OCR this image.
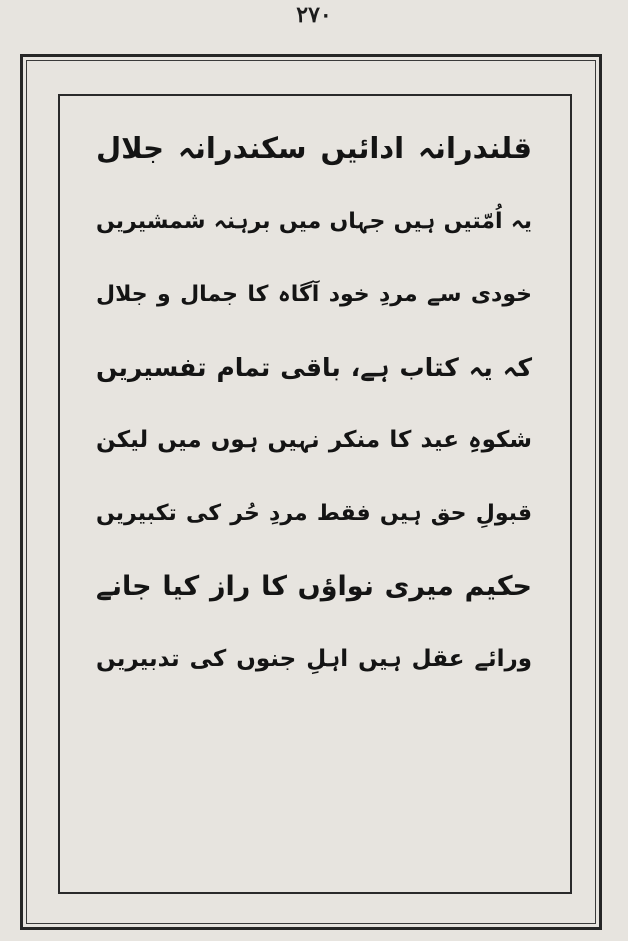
۲۷۰
قلندرانہ ادائیں سکندرانہ جلال
یہ اُمّتیں ہیں جہاں میں برہنہ شمشیریں
خودی سے مردِ خود آگاہ کا جمال و جلال
کہ یہ کتاب ہے، باقی تمام تفسیریں
شکوہِ عید کا منکر نہیں ہوں میں لیکن
قبولِ حق ہیں فقط مردِ حُر کی تکبیریں
حکیم میری نواؤں کا راز کیا جانے
ورائے عقل ہیں اہلِ جنوں کی تدبیریں
